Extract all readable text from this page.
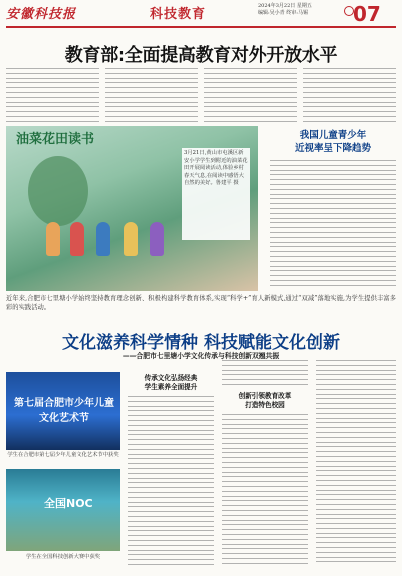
安徽科技报	科技教育
2024年3月22日 星期五
编辑:吴小青 终审:马锡	07
教育部:全面提高教育对外开放水平
油菜花田读书
3月21日,黄山市屯溪区新安小学学生到附近的油菜花田开展阅读活动,体验乡村春天气息,在阅读中感悟大自然的美好。鲁建平 摄
我国儿童青少年
近视率呈下降趋势
近年来,合肥市七里塘小学始终坚持教育理念创新、积极构建科学教育体系,实现“科学+”育人新模式,通过“双减”落地实施,为学生提供丰富多彩的实践活动。
文化滋养科学情种 科技赋能文化创新
——合肥市七里塘小学文化传承与科技创新双翘共振
第七届合肥市少年儿童文化艺术节
学生在合肥市第七届少年儿童文化艺术节中获奖
全国NOC
学生在全国科技创新大赛中获奖
传承文化弘扬经典
学生素养全面提升
创新引领教育改革
打造特色校园
